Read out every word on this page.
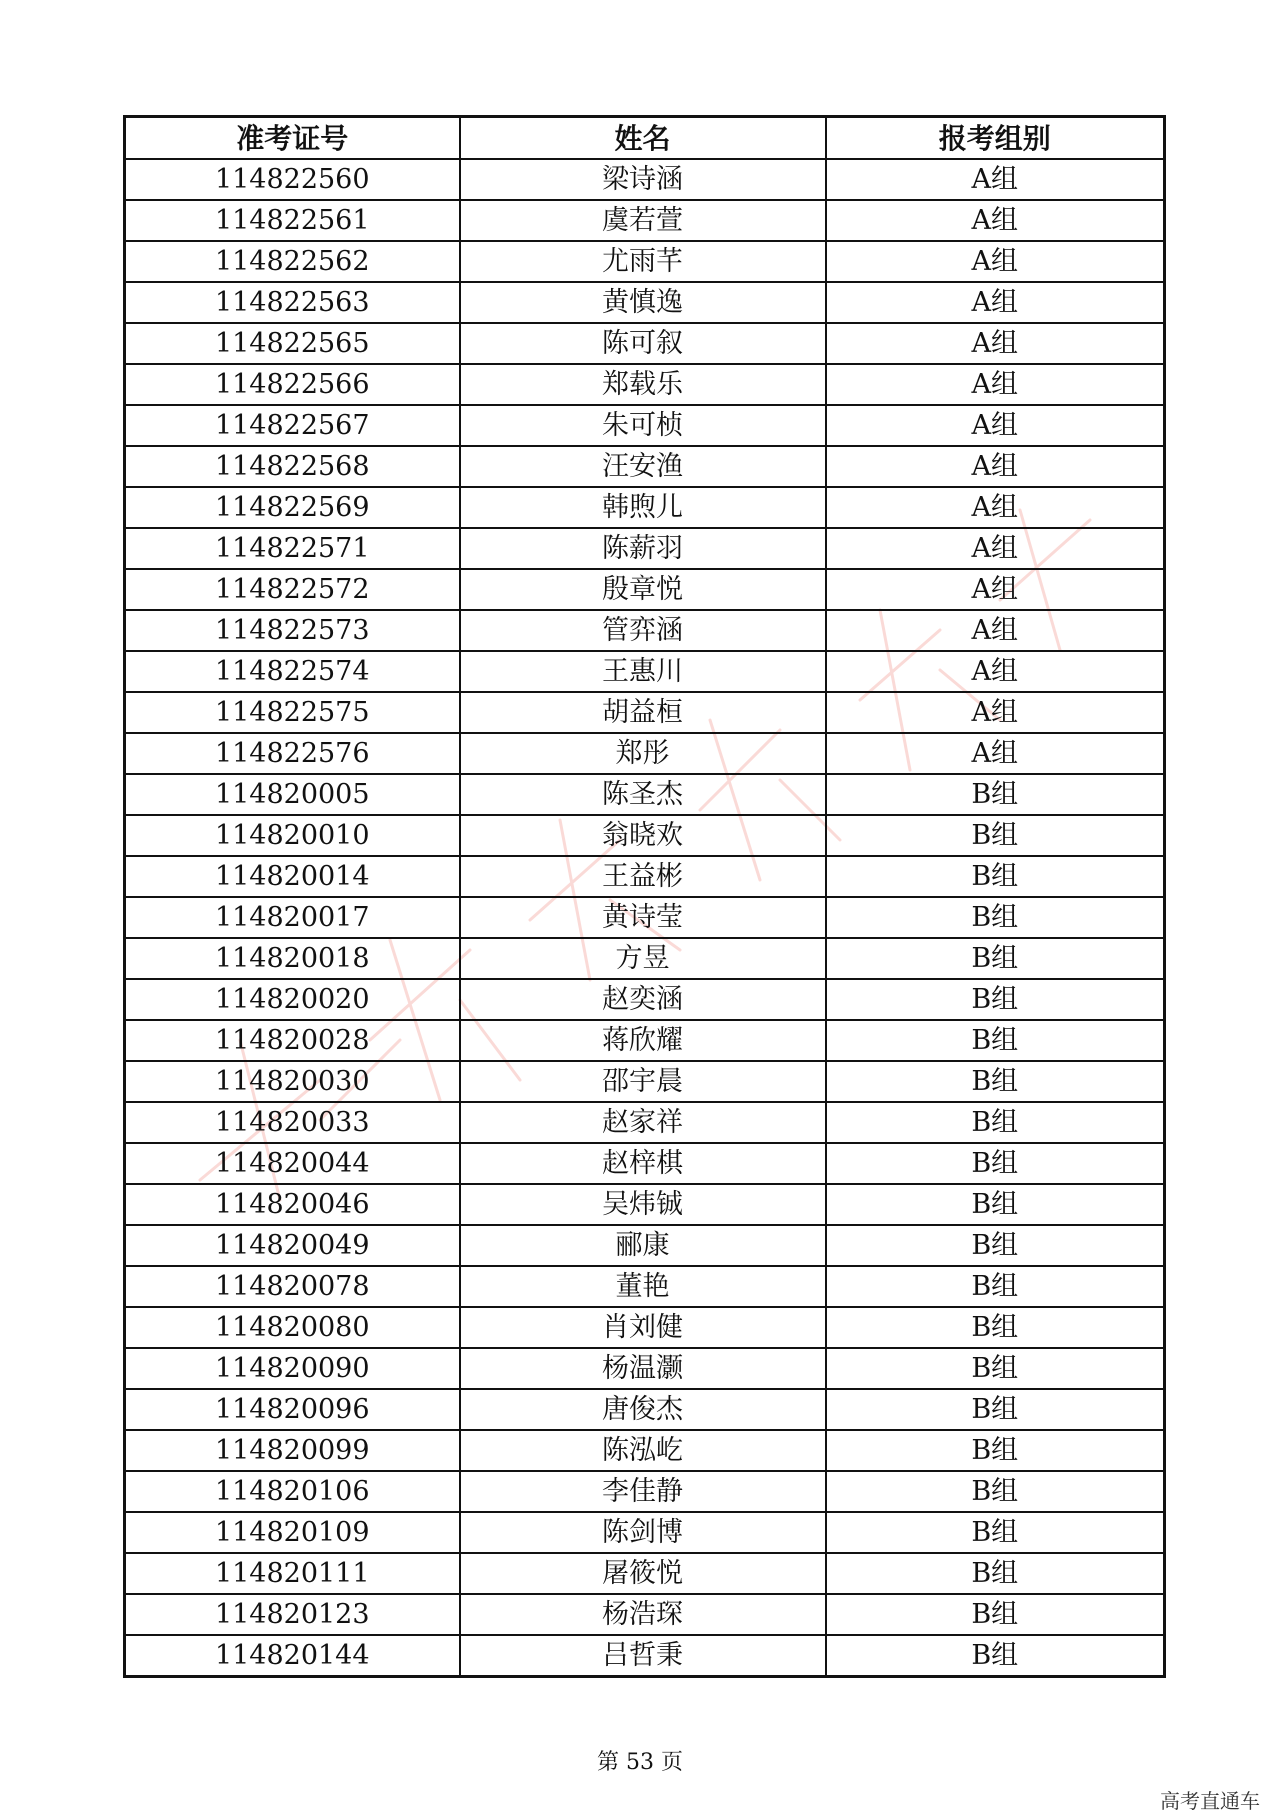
准考证号	姓名	报考组别
114822560	梁诗涵	A组
114822561	虞若萱	A组
114822562	尤雨芊	A组
114822563	黄慎逸	A组
114822565	陈可叙	A组
114822566	郑载乐	A组
114822567	朱可桢	A组
114822568	汪安渔	A组
114822569	韩煦儿	A组
114822571	陈薪羽	A组
114822572	殷章悦	A组
114822573	管弈涵	A组
114822574	王惠川	A组
114822575	胡益桓	A组
114822576	郑彤	A组
114820005	陈圣杰	B组
114820010	翁晓欢	B组
114820014	王益彬	B组
114820017	黄诗莹	B组
114820018	方昱	B组
114820020	赵奕涵	B组
114820028	蒋欣耀	B组
114820030	邵宇晨	B组
114820033	赵家祥	B组
114820044	赵梓棋	B组
114820046	吴炜铖	B组
114820049	郦康	B组
114820078	董艳	B组
114820080	肖刘健	B组
114820090	杨温灏	B组
114820096	唐俊杰	B组
114820099	陈泓屹	B组
114820106	李佳静	B组
114820109	陈剑博	B组
114820111	屠筱悦	B组
114820123	杨浩琛	B组
114820144	吕哲秉	B组
第 53 页
高考直通车
